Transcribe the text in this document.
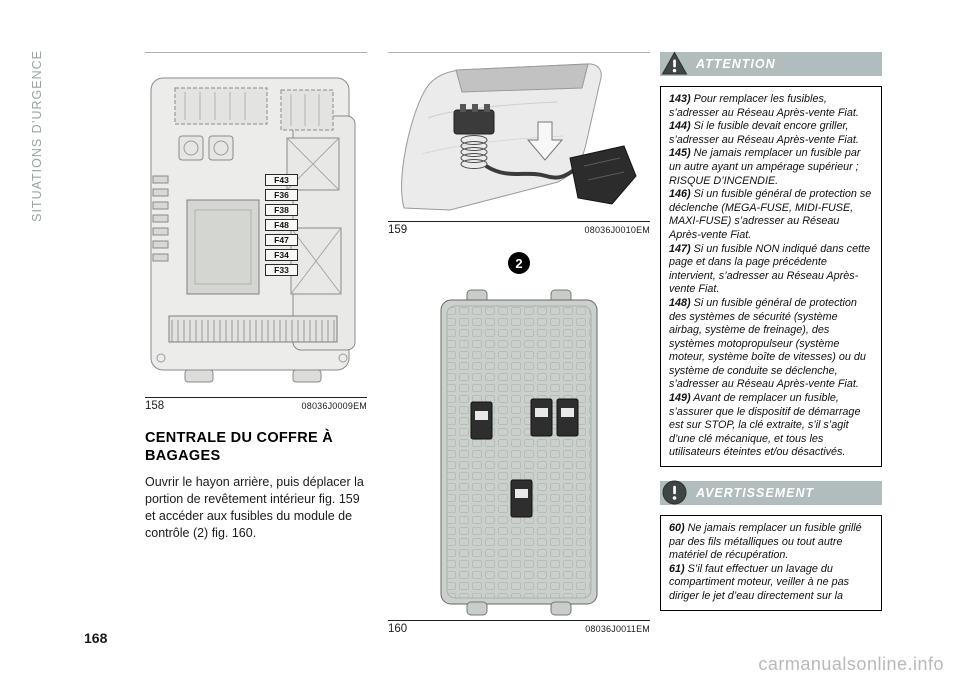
SITUATIONS D’URGENCE
168
carmanualsonline.info
F43
F36
F38
F48
F47
F34
F33
158	08036J0009EM
CENTRALE DU COFFRE À BAGAGES
Ouvrir le hayon arrière, puis déplacer la portion de revêtement intérieur fig. 159 et accéder aux fusibles du module de contrôle (2) fig. 160.
159	08036J0010EM
2
160	08036J0011EM
ATTENTION

143) Pour remplacer les fusibles, s’adresser au Réseau Après-vente Fiat.

144) Si le fusible devait encore griller, s’adresser au Réseau Après-vente Fiat.

145) Ne jamais remplacer un fusible par un autre ayant un ampérage supérieur ; RISQUE D’INCENDIE.

146) Si un fusible général de protection se déclenche (MEGA-FUSE, MIDI-FUSE, MAXI-FUSE) s’adresser au Réseau Après-vente Fiat.

147) Si un fusible NON indiqué dans cette page et dans la page précédente intervient, s’adresser au Réseau Après-vente Fiat.

148) Si un fusible général de protection des systèmes de sécurité (système airbag, système de freinage), des systèmes motopropulseur (système moteur, système boîte de vitesses) ou du système de conduite se déclenche, s’adresser au Réseau Après-vente Fiat.

149) Avant de remplacer un fusible, s’assurer que le dispositif de démarrage est sur STOP, la clé extraite, s’il s’agit d’une clé mécanique, et tous les utilisateurs éteintes et/ou désactivés.

AVERTISSEMENT

60) Ne jamais remplacer un fusible grillé par des fils métalliques ou tout autre matériel de récupération.

61) S’il faut effectuer un lavage du compartiment moteur, veiller à ne pas diriger le jet d’eau directement sur la
